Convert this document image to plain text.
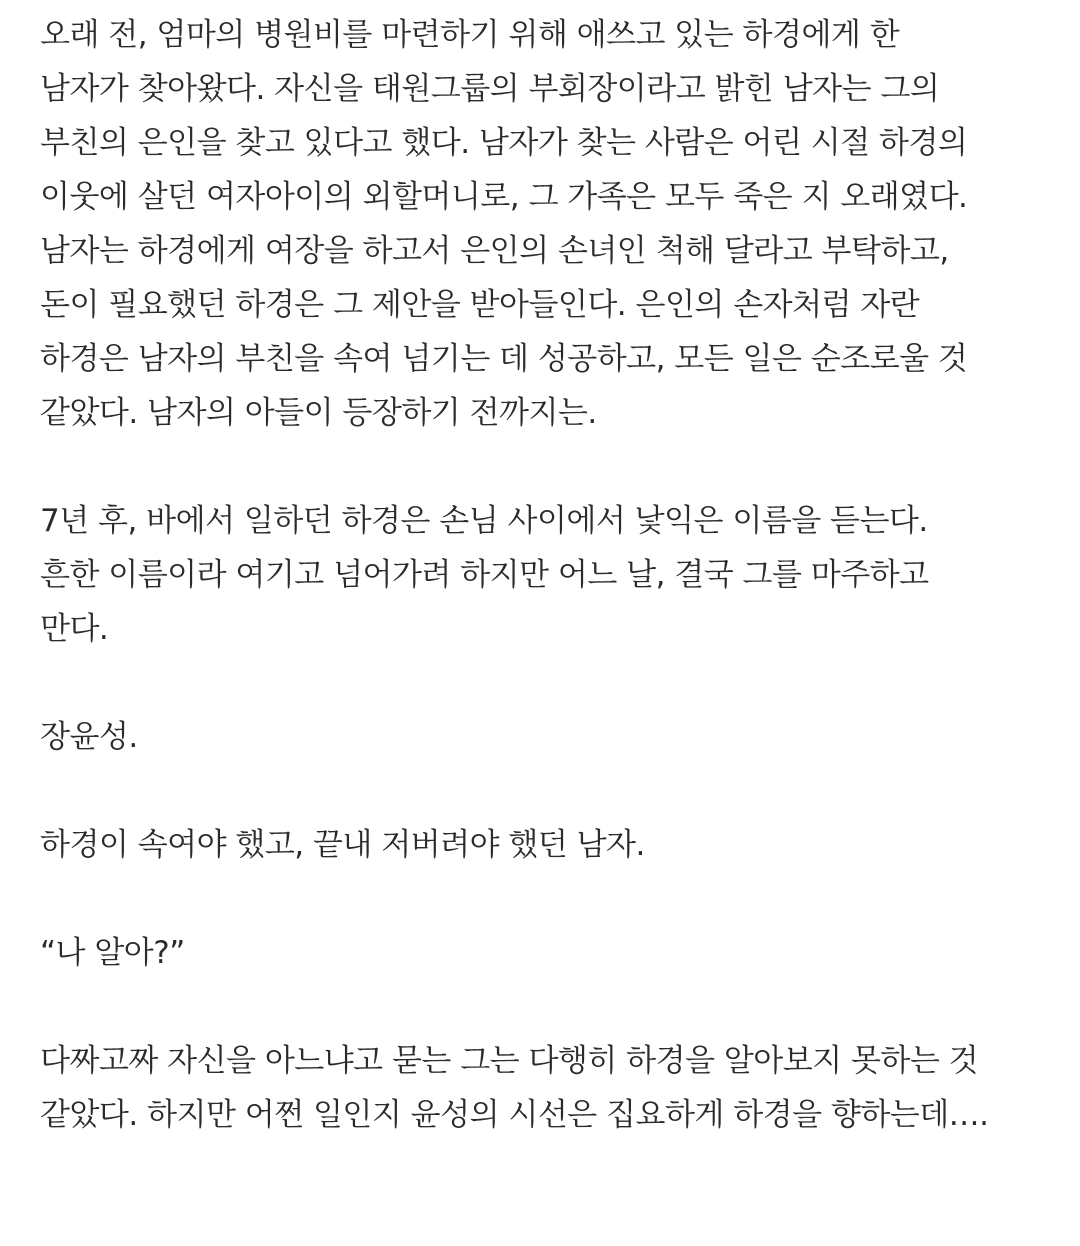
오래 전, 엄마의 병원비를 마련하기 위해 애쓰고 있는 하경에게 한
남자가 찾아왔다. 자신을 태원그룹의 부회장이라고 밝힌 남자는 그의
부친의 은인을 찾고 있다고 했다. 남자가 찾는 사람은 어린 시절 하경의
이웃에 살던 여자아이의 외할머니로, 그 가족은 모두 죽은 지 오래였다.
남자는 하경에게 여장을 하고서 은인의 손녀인 척해 달라고 부탁하고,
돈이 필요했던 하경은 그 제안을 받아들인다. 은인의 손자처럼 자란
하경은 남자의 부친을 속여 넘기는 데 성공하고, 모든 일은 순조로울 것
같았다. 남자의 아들이 등장하기 전까지는.
7년 후, 바에서 일하던 하경은 손님 사이에서 낯익은 이름을 듣는다.
흔한 이름이라 여기고 넘어가려 하지만 어느 날, 결국 그를 마주하고
만다.
장윤성.
하경이 속여야 했고, 끝내 저버려야 했던 남자.
“나 알아?”
다짜고짜 자신을 아느냐고 묻는 그는 다행히 하경을 알아보지 못하는 것
같았다. 하지만 어쩐 일인지 윤성의 시선은 집요하게 하경을 향하는데….
